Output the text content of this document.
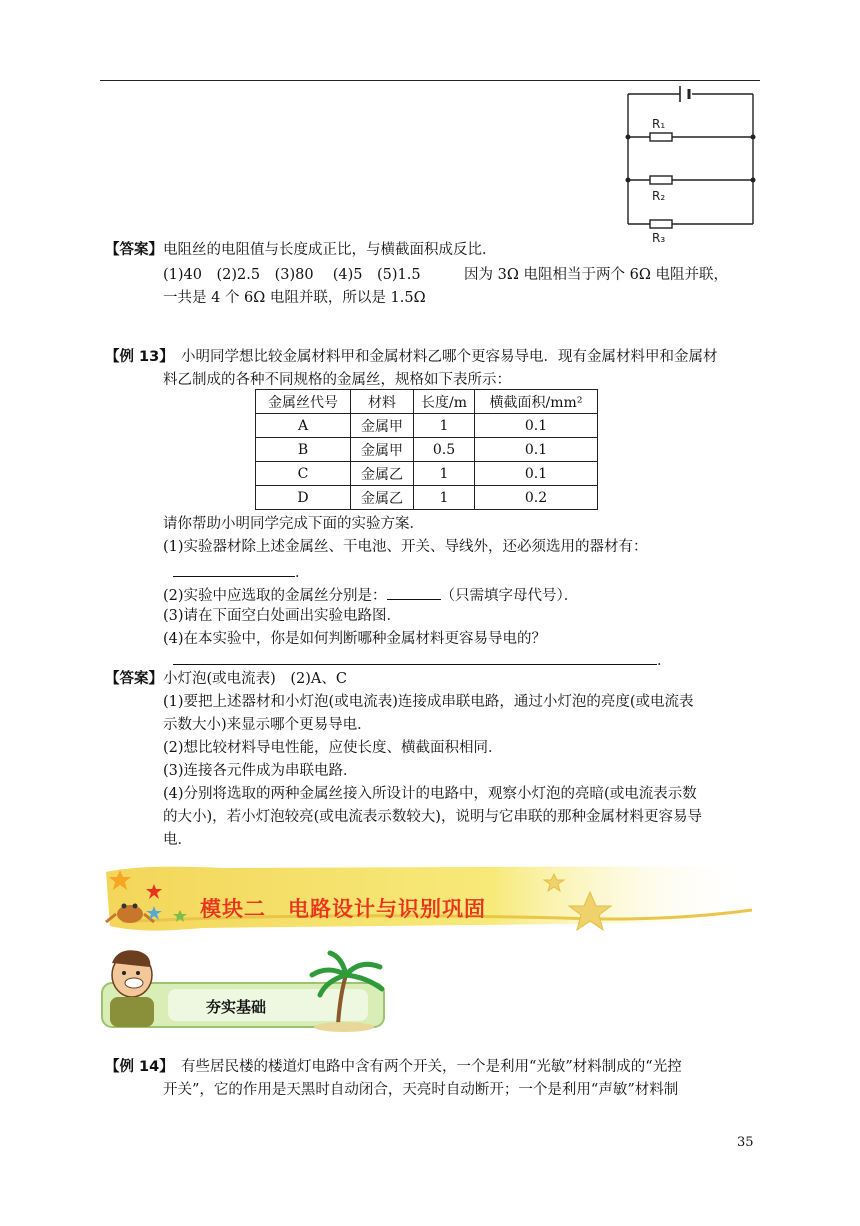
R₁
R₂
R₃
【答案】电阻丝的电阻值与长度成正比，与横截面积成反比．
(1)40　(2)2.5　(3)80　 (4)5　(5)1.5　　　因为 3Ω 电阻相当于两个 6Ω 电阻并联，
一共是 4 个 6Ω 电阻并联，所以是 1.5Ω
【例 13】　小明同学想比较金属材料甲和金属材料乙哪个更容易导电．现有金属材料甲和金属材
料乙制成的各种不同规格的金属丝，规格如下表所示：
金属丝代号	材料	长度/m	横截面积/mm²
A	金属甲	1	0.1
B	金属甲	0.5	0.1
C	金属乙	1	0.1
D	金属乙	1	0.2
请你帮助小明同学完成下面的实验方案．
(1)实验器材除上述金属丝、干电池、开关、导线外，还必须选用的器材有：
．
(2)实验中应选取的金属丝分别是：	（只需填字母代号）．
(3)请在下面空白处画出实验电路图．
(4)在本实验中，你是如何判断哪种金属材料更容易导电的？
．
【答案】小灯泡(或电流表)　(2)A、C
(1)要把上述器材和小灯泡(或电流表)连接成串联电路，通过小灯泡的亮度(或电流表
示数大小)来显示哪个更易导电．
(2)想比较材料导电性能，应使长度、横截面积相同．
(3)连接各元件成为串联电路．
(4)分别将选取的两种金属丝接入所设计的电路中，观察小灯泡的亮暗(或电流表示数
的大小)，若小灯泡较亮(或电流表示数较大)，说明与它串联的那种金属材料更容易导
电．
模块二　电路设计与识别巩固
夯实基础
【例 14】　有些居民楼的楼道灯电路中含有两个开关，一个是利用“光敏”材料制成的“光控
开关”，它的作用是天黑时自动闭合，天亮时自动断开；一个是利用“声敏”材料制
35
